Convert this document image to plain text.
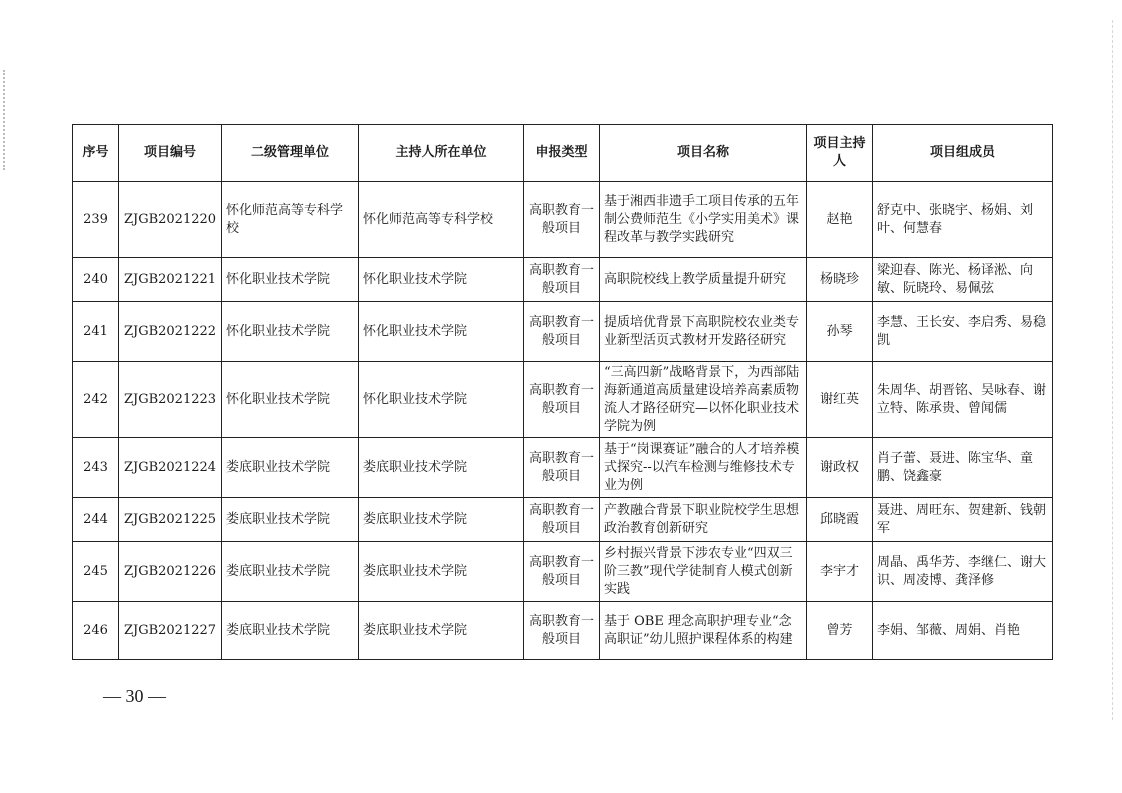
序号	项目编号	二级管理单位	主持人所在单位	申报类型	项目名称	项目主持人	项目组成员
239	ZJGB2021220	怀化师范高等专科学校	怀化师范高等专科学校	高职教育一般项目	基于湘西非遗手工项目传承的五年制公费师范生《小学实用美术》课程改革与教学实践研究	赵艳	舒克中、张晓宇、杨娟、刘叶、何慧春
240	ZJGB2021221	怀化职业技术学院	怀化职业技术学院	高职教育一般项目	高职院校线上教学质量提升研究	杨晓珍	梁迎春、陈光、杨译淞、向敏、阮晓玲、易佩弦
241	ZJGB2021222	怀化职业技术学院	怀化职业技术学院	高职教育一般项目	提质培优背景下高职院校农业类专业新型活页式教材开发路径研究	孙琴	李慧、王长安、李启秀、易稳凯
242	ZJGB2021223	怀化职业技术学院	怀化职业技术学院	高职教育一般项目	“三高四新”战略背景下，为西部陆海新通道高质量建设培养高素质物流人才路径研究—以怀化职业技术学院为例	谢红英	朱周华、胡晋铭、吴咏春、谢立特、陈承贵、曾闻儒
243	ZJGB2021224	娄底职业技术学院	娄底职业技术学院	高职教育一般项目	基于“岗课赛证”融合的人才培养模式探究--以汽车检测与维修技术专业为例	谢政权	肖子蕾、聂进、陈宝华、童鹏、饶鑫豪
244	ZJGB2021225	娄底职业技术学院	娄底职业技术学院	高职教育一般项目	产教融合背景下职业院校学生思想政治教育创新研究	邱晓霞	聂进、周旺东、贺建新、钱朝军
245	ZJGB2021226	娄底职业技术学院	娄底职业技术学院	高职教育一般项目	乡村振兴背景下涉农专业“四双三阶三教”现代学徒制育人模式创新实践	李宇才	周晶、禹华芳、李继仁、谢大识、周凌博、龚泽修
246	ZJGB2021227	娄底职业技术学院	娄底职业技术学院	高职教育一般项目	基于 OBE 理念高职护理专业“念高职证”幼儿照护课程体系的构建	曾芳	李娟、邹薇、周娟、肖艳
— 30 —
